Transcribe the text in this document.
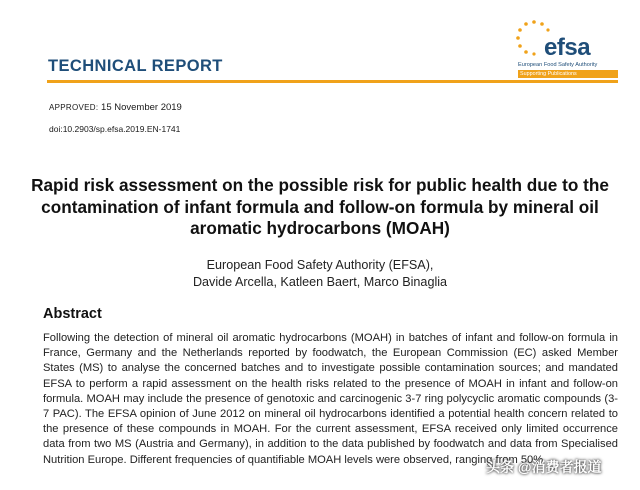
TECHNICAL REPORT
efsa
European Food Safety Authority
Supporting Publications
APPROVED: 15 November 2019
doi:10.2903/sp.efsa.2019.EN-1741
Rapid risk assessment on the possible risk for public health due to the contamination of infant formula and follow-on formula by mineral oil aromatic hydrocarbons (MOAH)
European Food Safety Authority (EFSA),
Davide Arcella, Katleen Baert, Marco Binaglia
Abstract
Following the detection of mineral oil aromatic hydrocarbons (MOAH) in batches of infant and follow-on formula in France, Germany and the Netherlands reported by foodwatch, the European Commission (EC) asked Member States (MS) to analyse the concerned batches and to investigate possible contamination sources; and mandated EFSA to perform a rapid assessment on the health risks related to the presence of MOAH in infant and follow-on formula. MOAH may include the presence of genotoxic and carcinogenic 3-7 ring polycyclic aromatic compounds (3-7 PAC). The EFSA opinion of June 2012 on mineral oil hydrocarbons identified a potential health concern related to the presence of these compounds in MOAH. For the current assessment, EFSA received only limited occurrence data from two MS (Austria and Germany), in addition to the data published by foodwatch and data from Specialised Nutrition Europe. Different frequencies of quantifiable MOAH levels were observed, ranging from 50%
头条 @消费者报道
